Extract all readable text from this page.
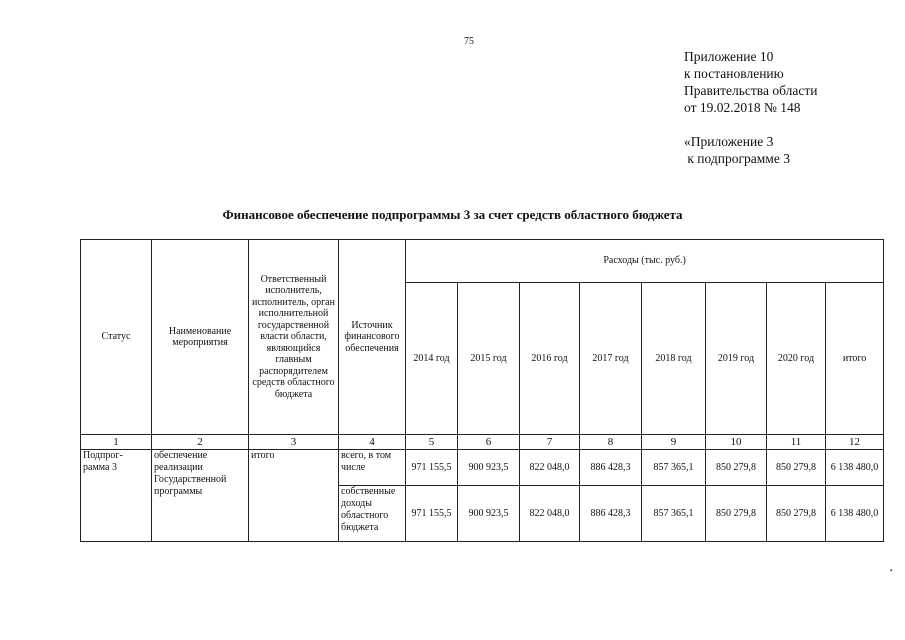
75
Приложение 10
к постановлению
Правительства области
от 19.02.2018 № 148
«Приложение 3
к подпрограмме 3
Финансовое обеспечение подпрограммы 3 за счет средств областного бюджета
Статус	Наименование мероприятия	Ответственный исполнитель, исполнитель, орган исполнительной государственной власти области, являющийся главным распорядителем средств областного бюджета	Источник финансового обеспечения	Расходы (тыс. руб.)							
				2014 год	2015 год	2016 год	2017 год	2018 год	2019 год	2020 год	итого
1	2	3	4	5	6	7	8	9	10	11	12
Подпрог-рамма 3	обеспечение реализации Государственной программы	итого	всего, в том числе	971 155,5	900 923,5	822 048,0	886 428,3	857 365,1	850 279,8	850 279,8	6 138 480,0
			собственные доходы областного бюджета	971 155,5	900 923,5	822 048,0	886 428,3	857 365,1	850 279,8	850 279,8	6 138 480,0
▪
